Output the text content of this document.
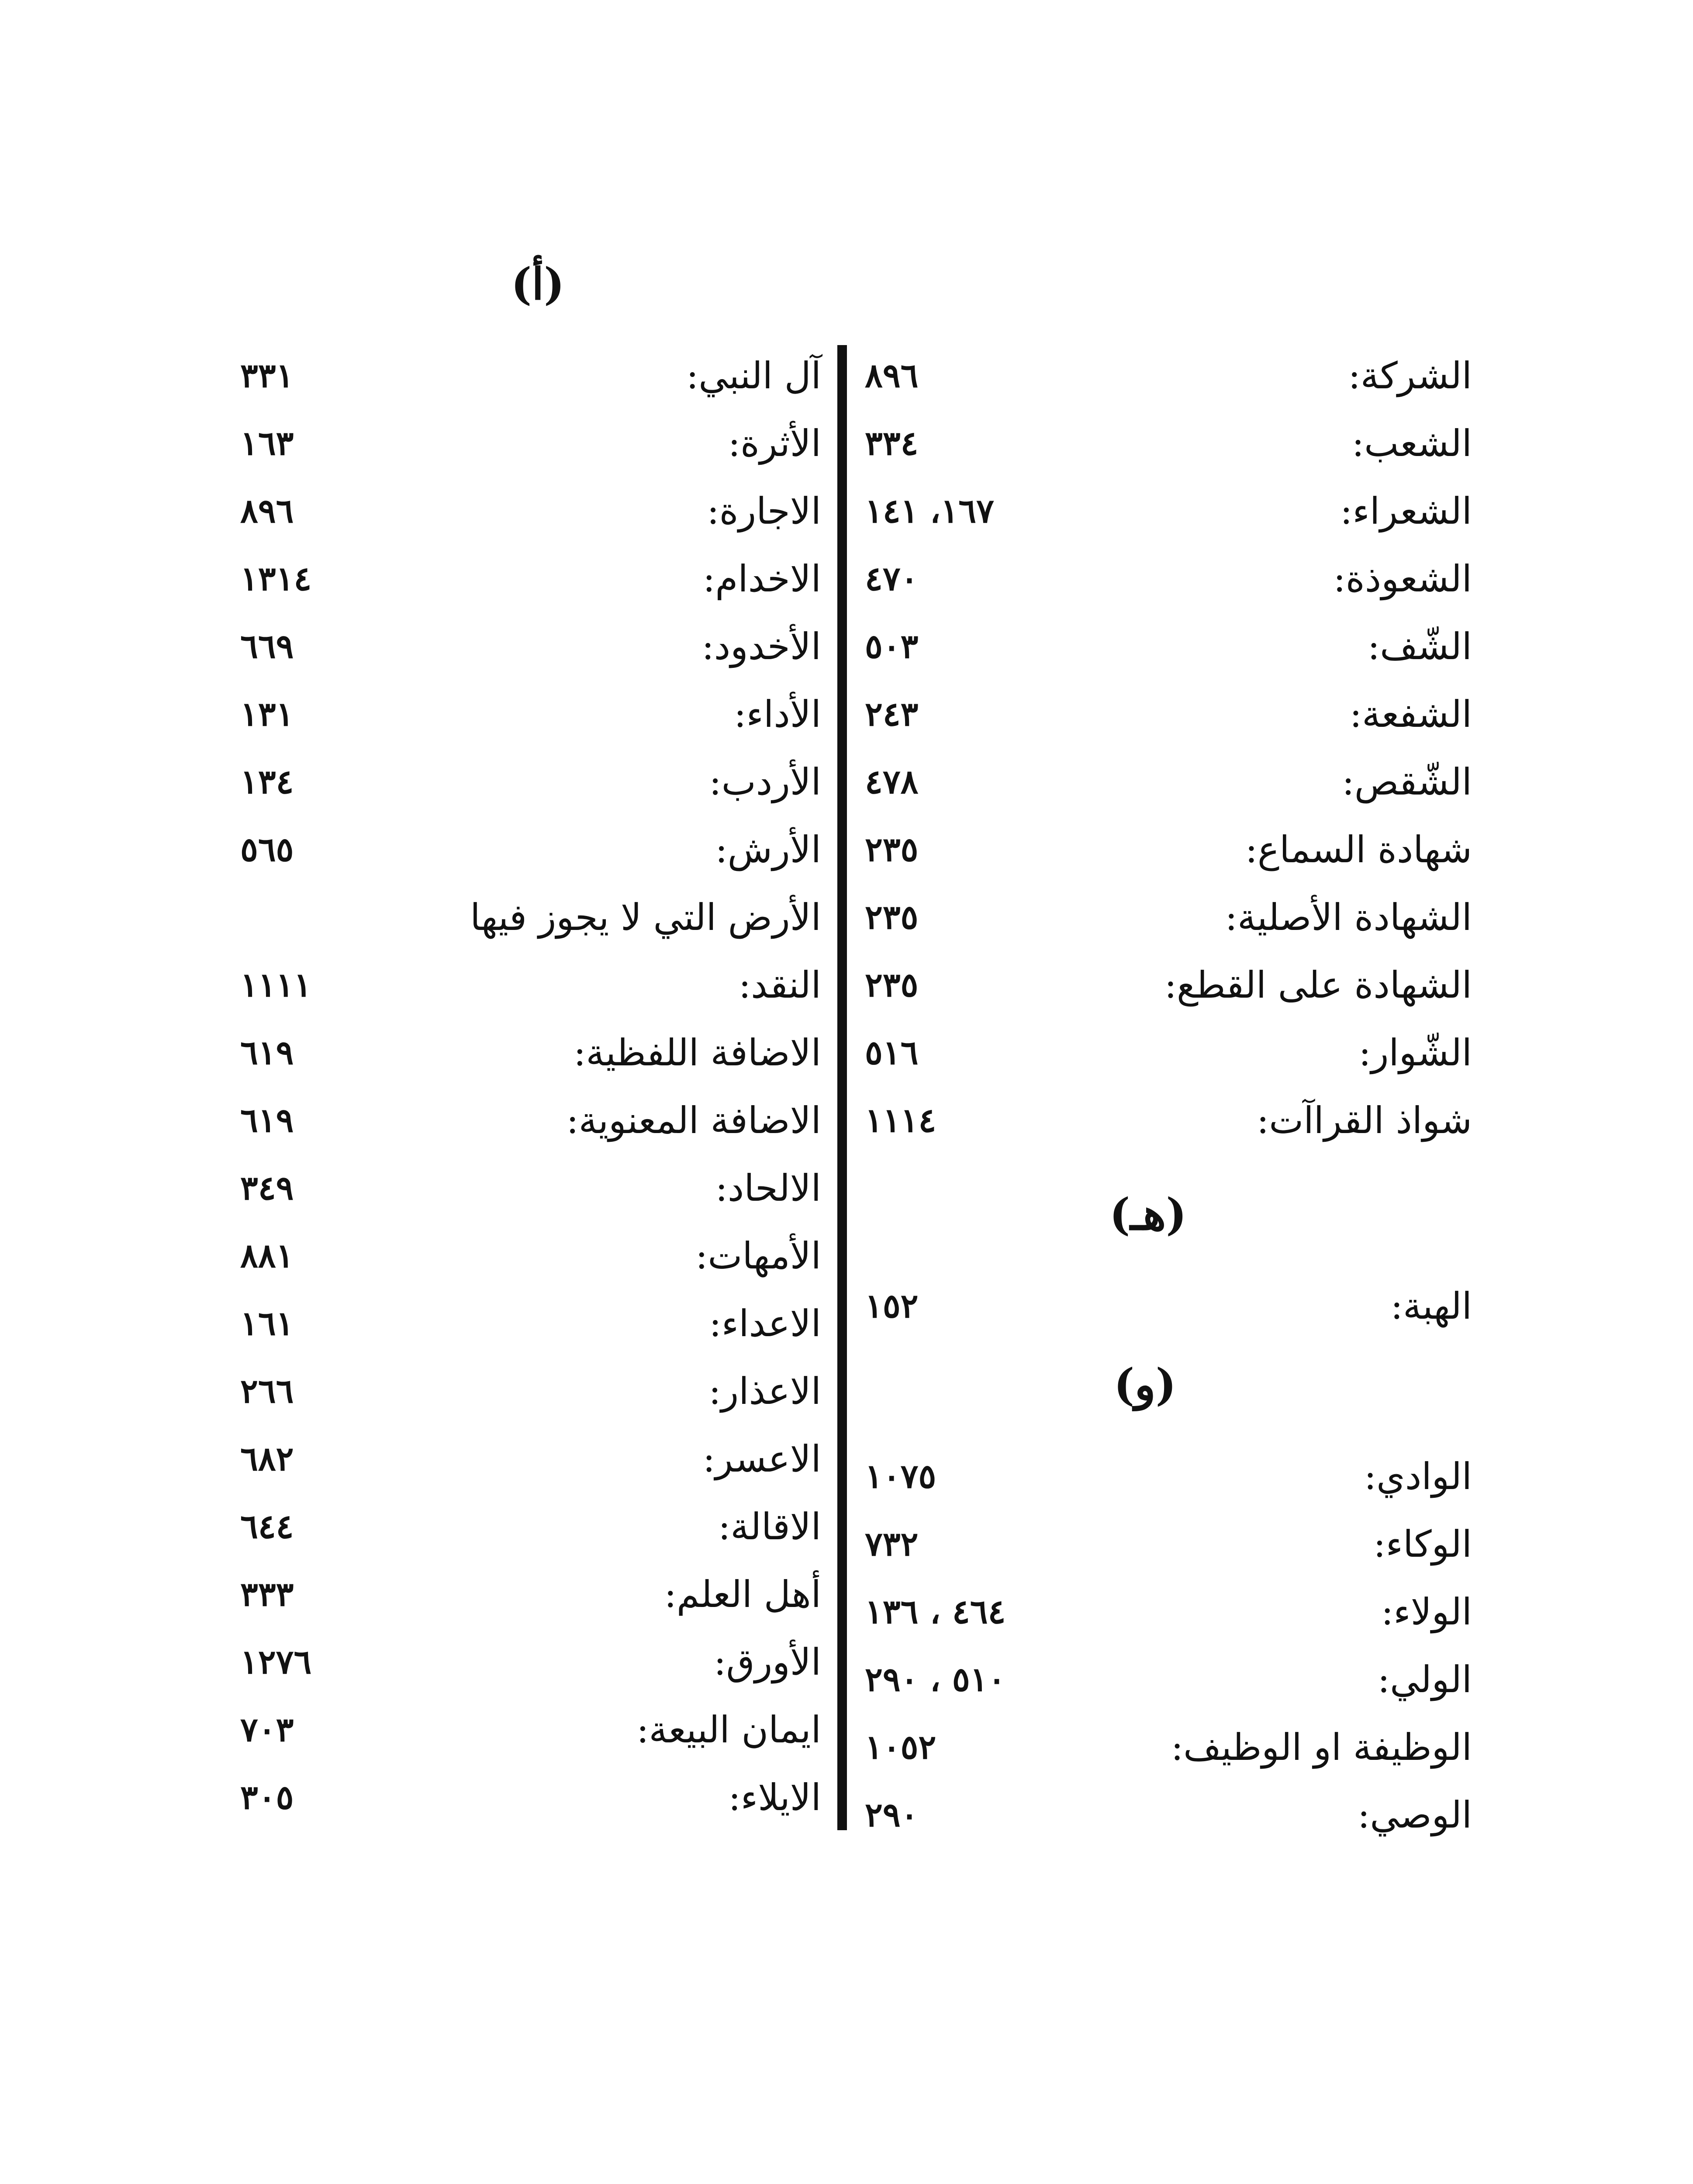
(أ)
(هـ)
(و)
الشركة:
٨٩٦
الشعب:
٣٣٤
الشعراء:
١٦٧، ١٤١
الشعوذة:
٤٧٠
الشّف:
٥٠٣
الشفعة:
٢٤٣
الشّقص:
٤٧٨
شهادة السماع:
٢٣٥
الشهادة الأصلية:
٢٣٥
الشهادة على القطع:
٢٣٥
الشّوار:
٥١٦
شواذ القراآت:
١١١٤
الهبة:
١٥٢
الوادي:
١٠٧٥
الوكاء:
٧٣٢
الولاء:
٤٦٤ ، ١٣٦
الولي:
٥١٠ ، ٢٩٠
الوظيفة او الوظيف:
١٠٥٢
الوصي:
٢٩٠
آل النبي:
٣٣١
الأثرة:
١٦٣
الاجارة:
٨٩٦
الاخدام:
١٣١٤
الأخدود:
٦٦٩
الأداء:
١٣١
الأردب:
١٣٤
الأرش:
٥٦٥
الأرض التي لا يجوز فيها
النقد:
١١١١
الاضافة اللفظية:
٦١٩
الاضافة المعنوية:
٦١٩
الالحاد:
٣٤٩
الأمهات:
٨٨١
الاعداء:
١٦١
الاعذار:
٢٦٦
الاعسر:
٦٨٢
الاقالة:
٦٤٤
أهل العلم:
٣٣٣
الأورق:
١٢٧٦
ايمان البيعة:
٧٠٣
الايلاء:
٣٠٥
